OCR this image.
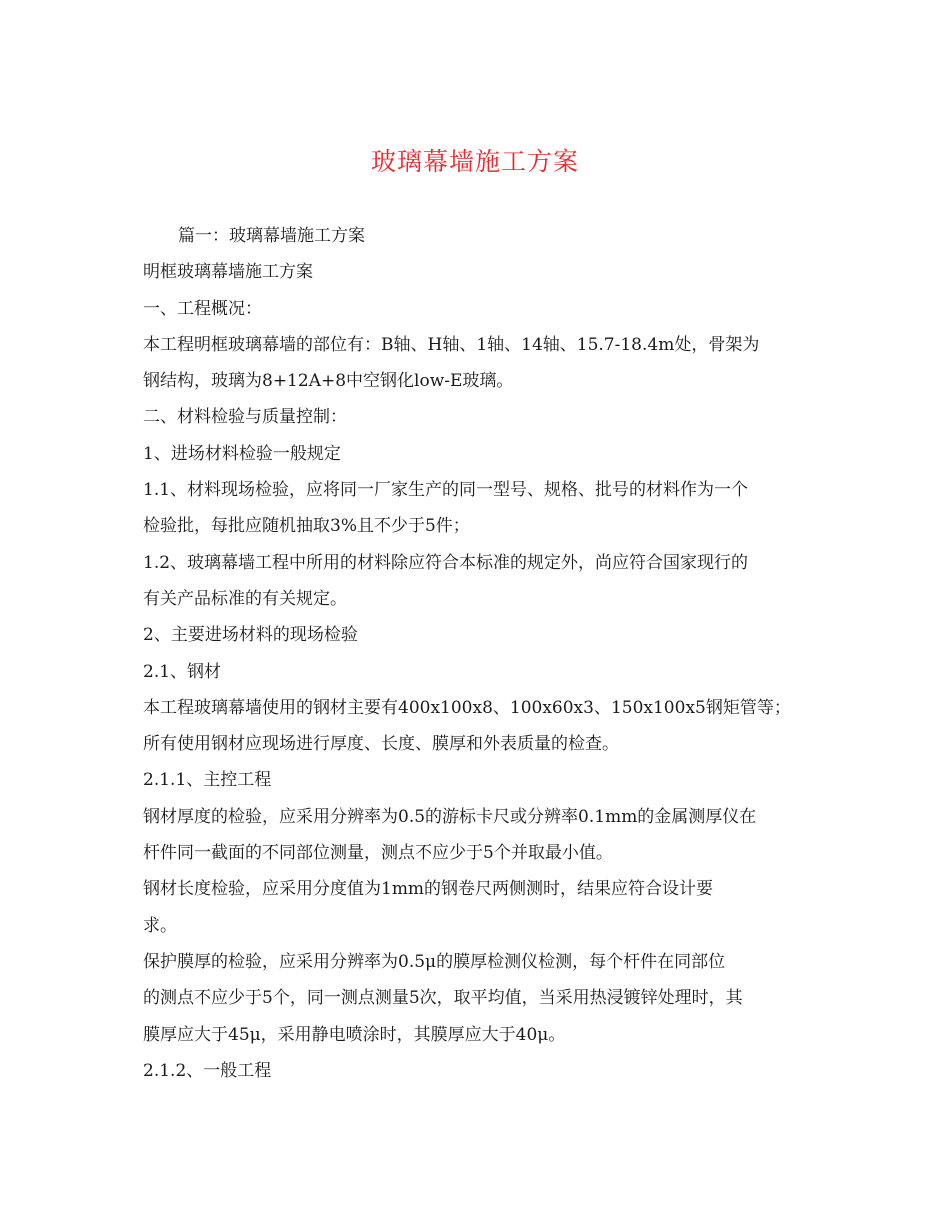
玻璃幕墙施工方案
篇一：玻璃幕墙施工方案
明框玻璃幕墙施工方案
一、工程概况：
本工程明框玻璃幕墙的部位有：B轴、H轴、1轴、14轴、15.7-18.4m处，骨架为
钢结构，玻璃为8+12A+8中空钢化low-E玻璃。
二、材料检验与质量控制：
1、进场材料检验一般规定
1.1、材料现场检验，应将同一厂家生产的同一型号、规格、批号的材料作为一个
检验批，每批应随机抽取3%且不少于5件；
1.2、玻璃幕墙工程中所用的材料除应符合本标准的规定外，尚应符合国家现行的
有关产品标准的有关规定。
2、主要进场材料的现场检验
2.1、钢材
本工程玻璃幕墙使用的钢材主要有400x100x8、100x60x3、150x100x5钢矩管等；
所有使用钢材应现场进行厚度、长度、膜厚和外表质量的检查。
2.1.1、主控工程
钢材厚度的检验，应采用分辨率为0.5的游标卡尺或分辨率0.1mm的金属测厚仪在
杆件同一截面的不同部位测量，测点不应少于5个并取最小值。
钢材长度检验，应采用分度值为1mm的钢卷尺两侧测时，结果应符合设计要
求。
保护膜厚的检验，应采用分辨率为0.5μ的膜厚检测仪检测，每个杆件在同部位
的测点不应少于5个，同一测点测量5次，取平均值，当采用热浸镀锌处理时，其
膜厚应大于45μ，采用静电喷涂时，其膜厚应大于40μ。
2.1.2、一般工程
